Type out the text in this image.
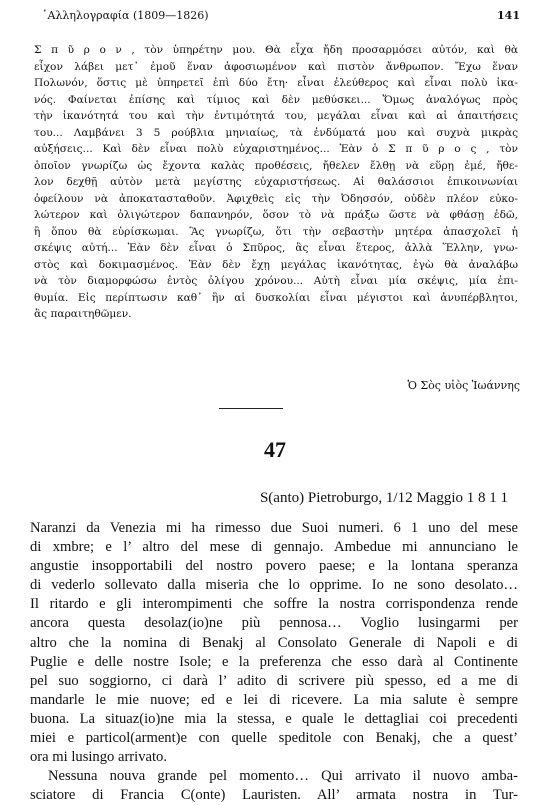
᾽Αλληλογραφία (1809—1826)	141
Σ π ῦ ρ ο ν , τὸν ὑπηρέτην μου. Θὰ εἶχα ἤδη προσαρμόσει αὐτόν, καὶ θὰ
εἶχον λάβει μετ᾽ ἐμοῦ ἕναν ἀφοσιωμένον καὶ πιστὸν ἄνθρωπον. Ἔχω ἕναν
Πολωνόν, ὅστις μὲ ὑπηρετεῖ ἐπὶ δύο ἔτη· εἶναι ἐλεύθερος καὶ εἶναι πολὺ ἱκα-
νός. Φαίνεται ἐπίσης καὶ τίμιος καὶ δὲν μεθύσκει... Ὅμως ἀναλόγως πρὸς
τὴν ἱκανότητά του καὶ τὴν ἐντιμότητά του, μεγάλαι εἶναι καὶ αἱ ἀπαιτήσεις
του... Λαμβάνει 3 5 ρούβλια μηνιαίως, τὰ ἐνδύματά μου καὶ συχνὰ μικρὰς
αὐξήσεις... Καὶ δὲν εἶναι πολὺ εὐχαριστημένος... Ἐὰν ὁ Σ π ῦ ρ ο ς , τὸν
ὁποῖον γνωρίζω ὡς ἔχοντα καλὰς προθέσεις, ἤθελεν ἔλθῃ νὰ εὕρῃ ἐμέ, ἤθε-
λον δεχθῇ αὐτὸν μετὰ μεγίστης εὐχαριστήσεως. Αἱ θαλάσσιοι ἐπικοινωνίαι
ὀφείλουν νὰ ἀποκατασταθοῦν. Ἀφιχθεὶς εἰς τὴν Ὀδησσόν, οὐδὲν πλέον εὐκο-
λώτερον καὶ ὀλιγώτερον δαπανηρόν, ὅσον τὸ νὰ πράξω ὥστε νὰ φθάσῃ ἐδῶ,
ἢ ὅπου θὰ εὑρίσκωμαι. Ἂς γνωρίζω, ὅτι τὴν σεβαστὴν μητέρα ἀπασχολεῖ ἡ
σκέψις αὐτή... Ἐὰν δὲν εἶναι ὁ Σπῦρος, ἂς εἶναι ἕτερος, ἀλλὰ Ἕλλην, γνω-
στὸς καὶ δοκιμασμένος. Ἐὰν δὲν ἔχῃ μεγάλας ἱκανότητας, ἐγὼ θὰ ἀναλάβω
νὰ τὸν διαμορφώσω ἐντὸς ὀλίγου χρόνου... Αὐτὴ εἶναι μία σκέψις, μία ἐπι-
θυμία. Εἰς περίπτωσιν καθ᾽ ἣν αἱ δυσκολίαι εἶναι μέγιστοι καὶ ἀνυπέρβλητοι,
ἂς παραιτηθῶμεν.
Ὁ Σὸς υἱὸς Ἰωάννης
47
S(anto) Pietroburgo, 1/12 Maggio 1 8 1 1
Naranzi da Venezia mi ha rimesso due Suoi numeri. 6 1 uno del mese
di xmbre; e l’ altro del mese di gennajo. Ambedue mi annunciano le
angustie insopportabili del nostro povero paese; e la lontana speranza
di vederlo sollevato dalla miseria che lo opprime. Io ne sono desolato…
Il ritardo e gli interompimenti che soffre la nostra corrispondenza rende
ancora questa desolaz(io)ne più pennosa… Voglio lusingarmi per
altro che la nomina di Benakj al Consolato Generale di Napoli e di
Puglie e delle nostre Isole; e la preferenza che esso darà al Continente
pel suo soggiorno, ci darà l’ adito di scrivere più spesso, ed a me di
mandarle le mie nuove; ed e lei di ricevere. La mia salute è sempre
buona. La situaz(io)ne mia la stessa, e quale le dettagliai coi precedenti
miei e particol(arment)e con quelle speditole con Benakj, che a quest’
ora mi lusingo arrivato.
Nessuna nouva grande pel momento… Qui arrivato il nuovo amba-
sciatore di Francia C(onte) Lauristen. All’ armata nostra in Tur-
